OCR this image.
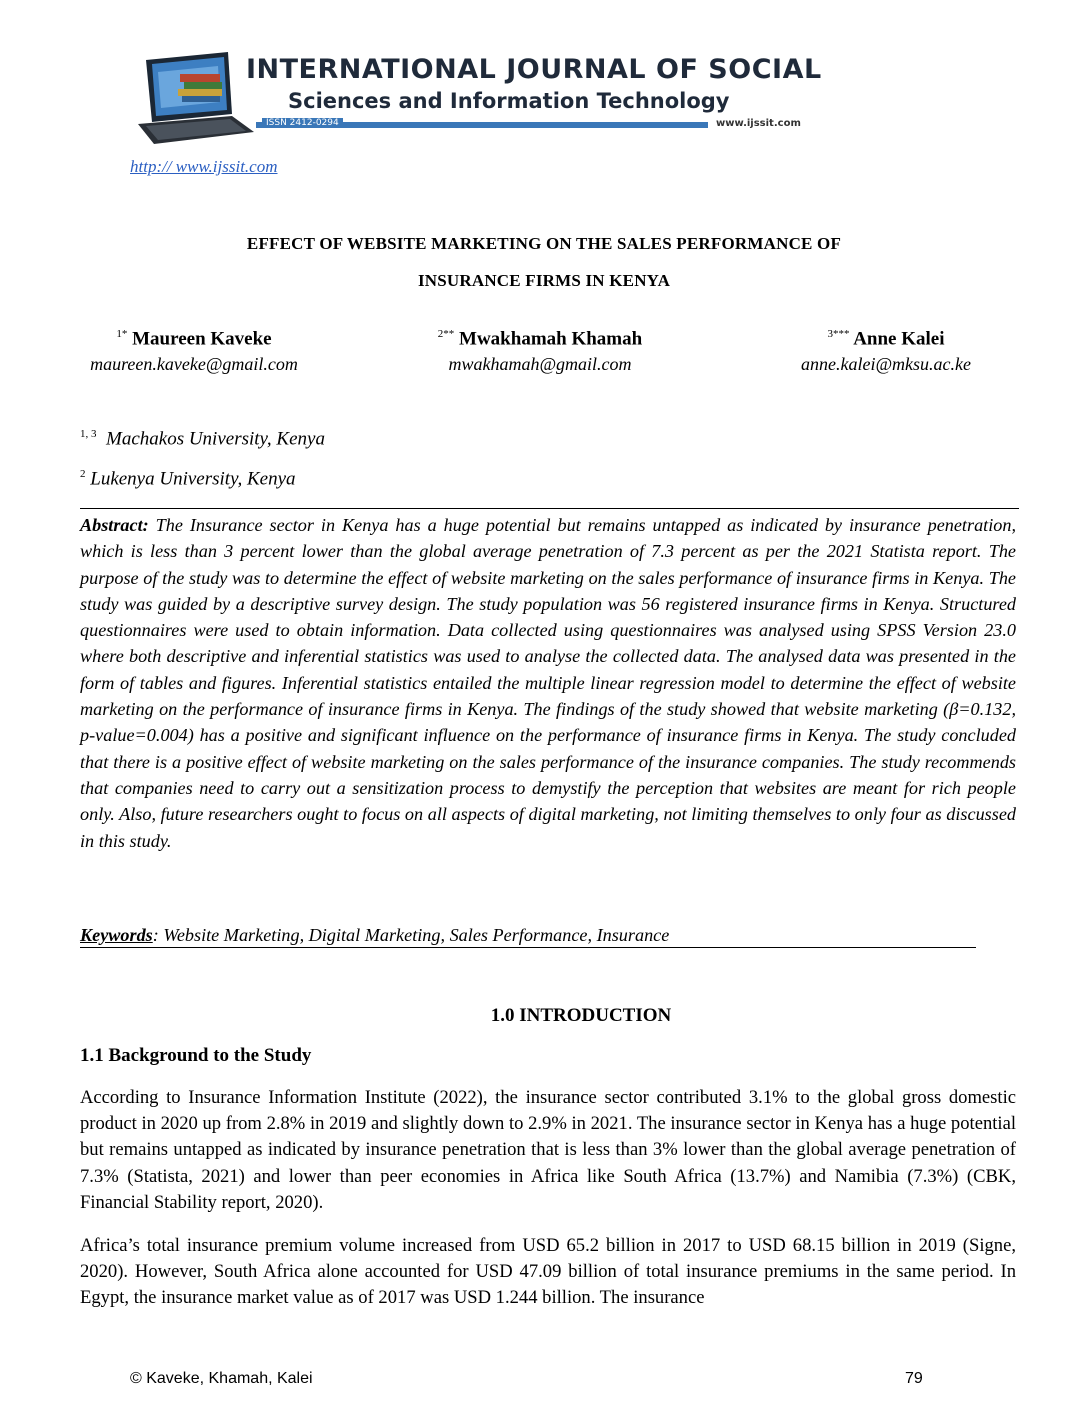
INTERNATIONAL JOURNAL OF SOCIAL
Sciences and Information Technology
ISSN 2412-0294	www.ijssit.com
http:// www.ijssit.com
EFFECT OF WEBSITE MARKETING ON THE SALES PERFORMANCE OF
INSURANCE FIRMS IN KENYA
$^{1*}$ Maureen Kaveke
maureen.kaveke@gmail.com
$^{2**}$ Mwakhamah Khamah
mwakhamah@gmail.com
$^{3***}$ Anne Kalei
anne.kalei@mksu.ac.ke
$^{1, 3}$ Machakos University, Kenya
$^2$ Lukenya University, Kenya
Abstract: The Insurance sector in Kenya has a huge potential but remains untapped as indicated by insurance penetration, which is less than 3 percent lower than the global average penetration of 7.3 percent as per the 2021 Statista report. The purpose of the study was to determine the effect of website marketing on the sales performance of insurance firms in Kenya. The study was guided by a descriptive survey design. The study population was 56 registered insurance firms in Kenya. Structured questionnaires were used to obtain information. Data collected using questionnaires was analysed using SPSS Version 23.0 where both descriptive and inferential statistics was used to analyse the collected data. The analysed data was presented in the form of tables and figures. Inferential statistics entailed the multiple linear regression model to determine the effect of website marketing on the performance of insurance firms in Kenya. The findings of the study showed that website marketing (β=0.132, p-value=0.004) has a positive and significant influence on the performance of insurance firms in Kenya. The study concluded that there is a positive effect of website marketing on the sales performance of the insurance companies. The study recommends that companies need to carry out a sensitization process to demystify the perception that websites are meant for rich people only. Also, future researchers ought to focus on all aspects of digital marketing, not limiting themselves to only four as discussed in this study.
Keywords: Website Marketing, Digital Marketing, Sales Performance, Insurance
1.0 INTRODUCTION
1.1 Background to the Study
According to Insurance Information Institute (2022), the insurance sector contributed 3.1% to the global gross domestic product in 2020 up from 2.8% in 2019 and slightly down to 2.9% in 2021. The insurance sector in Kenya has a huge potential but remains untapped as indicated by insurance penetration that is less than 3% lower than the global average penetration of 7.3% (Statista, 2021) and lower than peer economies in Africa like South Africa (13.7%) and Namibia (7.3%) (CBK, Financial Stability report, 2020).
Africa’s total insurance premium volume increased from USD 65.2 billion in 2017 to USD 68.15 billion in 2019 (Signe, 2020). However, South Africa alone accounted for USD 47.09 billion of total insurance premiums in the same period. In Egypt, the insurance market value as of 2017 was USD 1.244 billion. The insurance
© Kaveke, Khamah, Kalei	79
